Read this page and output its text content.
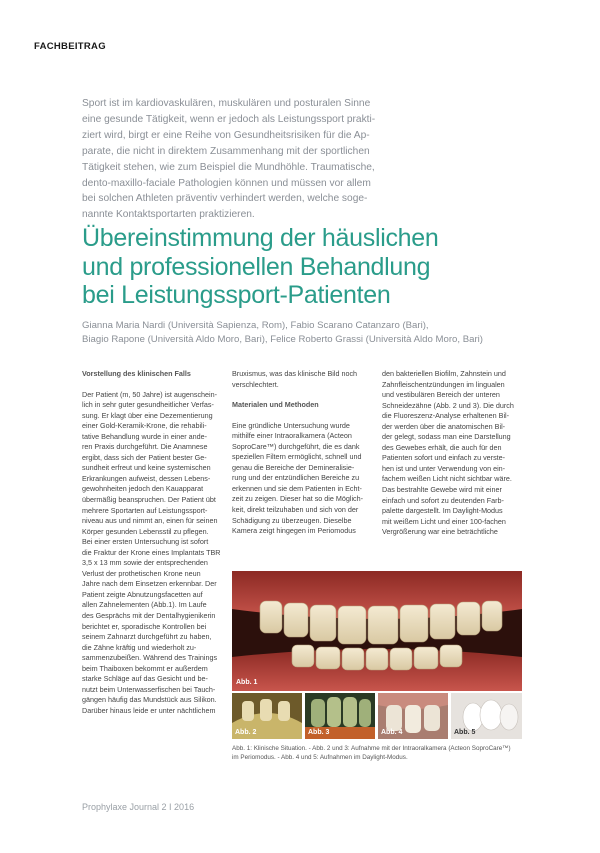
FACHBEITRAG

Sport ist im kardiovaskulären, muskulären und posturalen Sinne

eine gesunde Tätigkeit, wenn er jedoch als Leistungssport prakti-

ziert wird, birgt er eine Reihe von Gesundheitsrisiken für die Ap-

parate, die nicht in direktem Zusammenhang mit der sportlichen

Tätigkeit stehen, wie zum Beispiel die Mundhöhle. Traumatische,

dento-maxillo-faciale Pathologien können und müssen vor allem

bei solchen Athleten präventiv verhindert werden, welche soge-

nannte Kontaktsportarten praktizieren.

Übereinstimmung der häuslichen
und professionellen Behandlung
bei Leistungssport-Patienten

Gianna Maria Nardi (Università Sapienza, Rom), Fabio Scarano Catanzaro (Bari),

Biagio Rapone (Università Aldo Moro, Bari), Felice Roberto Grassi (Università Aldo Moro, Bari)

Vorstellung des klinischen Falls

Der Patient (m, 50 Jahre) ist augenschein-

lich in sehr guter gesundheitlicher Verfas-

sung. Er klagt über eine Dezementierung

einer Gold-Keramik-Krone, die rehabili-

tative Behandlung wurde in einer ande-

ren Praxis durchgeführt. Die Anamnese

ergibt, dass sich der Patient bester Ge-

sundheit erfreut und keine systemischen

Erkrankungen aufweist, dessen Lebens-

gewohnheiten jedoch den Kauapparat

übermäßig beanspruchen. Der Patient übt

mehrere Sportarten auf Leistungssport-

niveau aus und nimmt an, einen für seinen

Körper gesunden Lebensstil zu pflegen.

Bei einer ersten Untersuchung ist sofort

die Fraktur der Krone eines Implantats TBR

3,5 x 13 mm sowie der entsprechenden

Verlust der prothetischen Krone neun

Jahre nach dem Einsetzen erkennbar. Der

Patient zeigte Abnutzungsfacetten auf

allen Zahnelementen (Abb.1). Im Laufe

des Gesprächs mit der Dentalhygienikerin

berichtet er, sporadische Kontrollen bei

seinem Zahnarzt durchgeführt zu haben,

die Zähne kräftig und wiederholt zu-

sammenzubeißen. Während des Trainings

beim Thaiboxen bekommt er außerdem

starke Schläge auf das Gesicht und be-

nutzt beim Unterwasserfischen bei Tauch-

gängen häufig das Mundstück aus Silikon.

Darüber hinaus leide er unter nächtlichem

Bruxismus, was das klinische Bild noch

verschlechtert.

Materialen und Methoden

Eine gründliche Untersuchung wurde

mithilfe einer Intraoralkamera (Acteon

SoproCare™) durchgeführt, die es dank

speziellen Filtern ermöglicht, schnell und

genau die Bereiche der Demineralisie-

rung und der entzündlichen Bereiche zu

erkennen und sie dem Patienten in Echt-

zeit zu zeigen. Dieser hat so die Möglich-

keit, direkt teilzuhaben und sich von der

Schädigung zu überzeugen. Dieselbe

Kamera zeigt hingegen im Periomodus

den bakteriellen Biofilm, Zahnstein und

Zahnfleischentzündungen im lingualen

und vestibulären Bereich der unteren

Schneidezähne (Abb. 2 und 3). Die durch

die Fluoreszenz-Analyse erhaltenen Bil-

der werden über die anatomischen Bil-

der gelegt, sodass man eine Darstellung

des Gewebes erhält, die auch für den

Patienten sofort und einfach zu verste-

hen ist und unter Verwendung von ein-

fachem weißen Licht nicht sichtbar wäre.

Das bestrahlte Gewebe wird mit einer

einfach und sofort zu deutenden Farb-

palette dargestellt. Im Daylight-Modus

mit weißem Licht und einer 100-fachen

Vergrößerung war eine beträchtliche

Abb. 1
Abb. 2	Abb. 3	Abb. 4	Abb. 5
Abb. 1: Klinische Situation. - Abb. 2 und 3: Aufnahme mit der Intraoralkamera (Acteon SoproCare™)
im Periomodus. - Abb. 4 und 5: Aufnahmen im Daylight-Modus.
Prophylaxe Journal 2 I 2016
